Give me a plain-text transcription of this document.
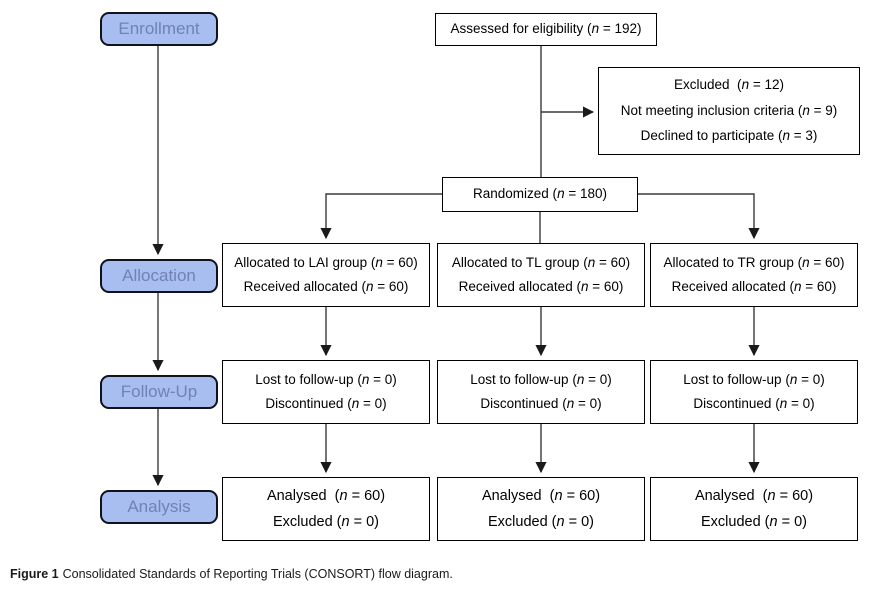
Enrollment
Allocation
Follow-Up
Analysis
Assessed for eligibility (n = 192)
Excluded  (n = 12)
Not meeting inclusion criteria (n = 9)
Declined to participate (n = 3)
Randomized (n = 180)
Allocated to LAI group (n = 60)
Received allocated (n = 60)
Allocated to TL group (n = 60)
Received allocated (n = 60)
Allocated to TR group (n = 60)
Received allocated (n = 60)
Lost to follow-up (n = 0)
Discontinued (n = 0)
Lost to follow-up (n = 0)
Discontinued (n = 0)
Lost to follow-up (n = 0)
Discontinued (n = 0)
Analysed  (n = 60)
Excluded (n = 0)
Analysed  (n = 60)
Excluded (n = 0)
Analysed  (n = 60)
Excluded (n = 0)
Figure 1 Consolidated Standards of Reporting Trials (CONSORT) flow diagram.
